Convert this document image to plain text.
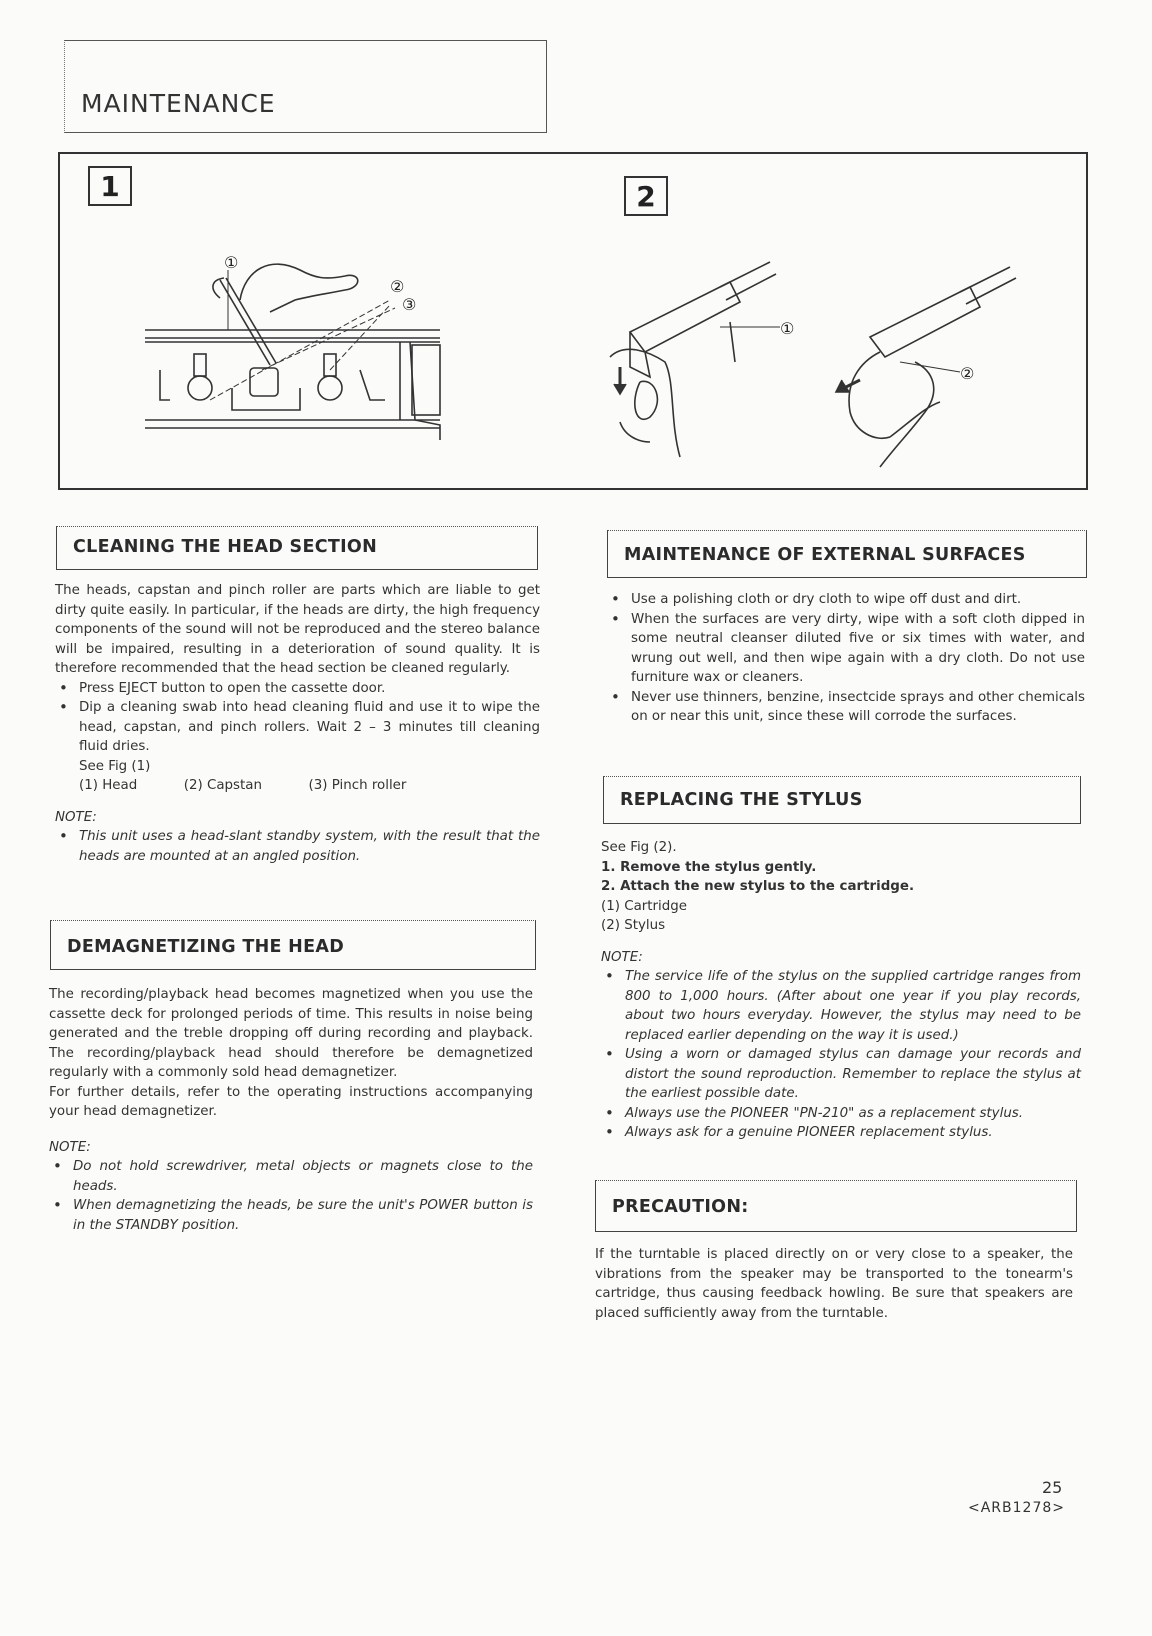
MAINTENANCE
1	2
①
②
③
①
②
CLEANING THE HEAD SECTION

The heads, capstan and pinch roller are parts which are liable to get dirty quite easily. In particular, if the heads are dirty, the high frequency components of the sound will not be reproduced and the stereo balance will be impaired, resulting in a deterioration of sound quality. It is therefore recommended that the head section be cleaned regularly.

• Press EJECT button to open the cassette door.
• Dip a cleaning swab into head cleaning fluid and use it to wipe the head, capstan, and pinch rollers. Wait 2 – 3 minutes till cleaning fluid dries.

See Fig (1)

(1) Head	(2) Capstan	(3) Pinch roller

NOTE:

• This unit uses a head-slant standby system, with the result that the heads are mounted at an angled position.
DEMAGNETIZING THE HEAD

The recording/playback head becomes magnetized when you use the cassette deck for prolonged periods of time. This results in noise being generated and the treble dropping off during recording and playback. The recording/playback head should therefore be demagnetized regularly with a commonly sold head demagnetizer.

For further details, refer to the operating instructions accompanying your head demagnetizer.

NOTE:

• Do not hold screwdriver, metal objects or magnets close to the heads.
• When demagnetizing the heads, be sure the unit's POWER button is in the STANDBY position.
MAINTENANCE OF EXTERNAL SURFACES
• Use a polishing cloth or dry cloth to wipe off dust and dirt.
• When the surfaces are very dirty, wipe with a soft cloth dipped in some neutral cleanser diluted five or six times with water, and wrung out well, and then wipe again with a dry cloth. Do not use furniture wax or cleaners.
• Never use thinners, benzine, insectcide sprays and other chemicals on or near this unit, since these will corrode the surfaces.
REPLACING THE STYLUS

See Fig (2).

1. Remove the stylus gently.

2. Attach the new stylus to the cartridge.

(1) Cartridge

(2) Stylus

NOTE:

• The service life of the stylus on the supplied cartridge ranges from 800 to 1,000 hours. (After about one year if you play records, about two hours everyday. However, the stylus may need to be replaced earlier depending on the way it is used.)
• Using a worn or damaged stylus can damage your records and distort the sound reproduction. Remember to replace the stylus at the earliest possible date.
• Always use the PIONEER "PN-210" as a replacement stylus.
• Always ask for a genuine PIONEER replacement stylus.
PRECAUTION:

If the turntable is placed directly on or very close to a speaker, the vibrations from the speaker may be transported to the tonearm's cartridge, thus causing feedback howling. Be sure that speakers are placed sufficiently away from the turntable.

25
<ARB1278>
